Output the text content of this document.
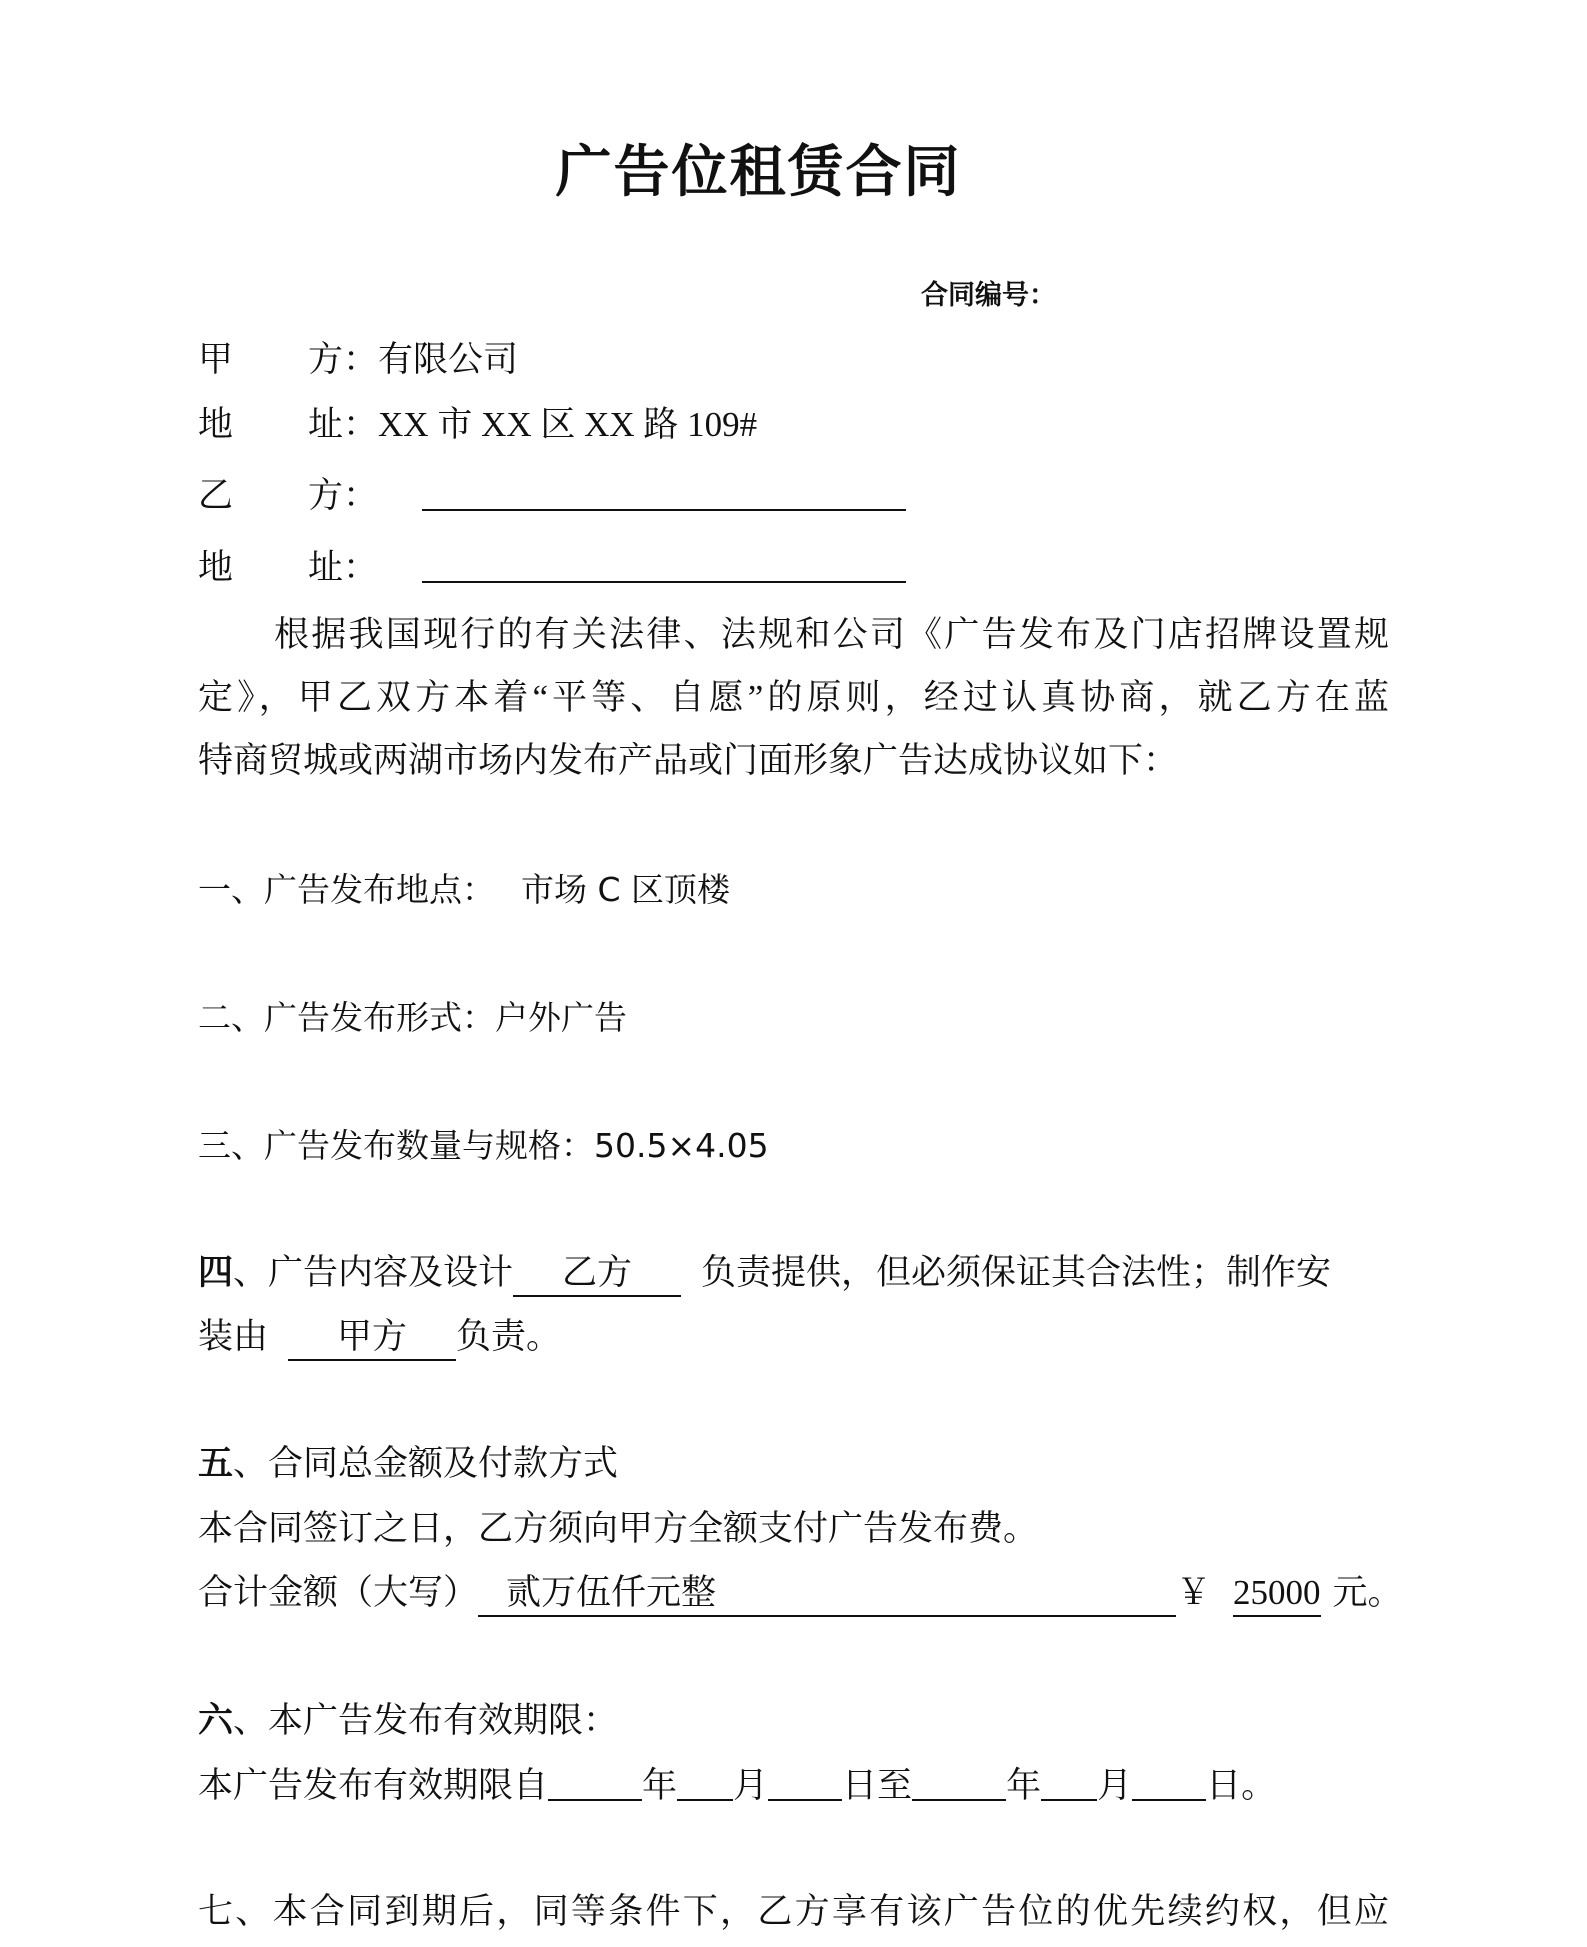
广告位租赁合同
合同编号：
甲 方：有限公司
地 址：XX 市 XX 区 XX 路 109#
乙 方：
地 址：
根据我国现行的有关法律、法规和公司《广告发布及门店招牌设置规
定》，甲乙双方本着“平等、自愿”的原则，经过认真协商，就乙方在蓝
特商贸城或两湖市场内发布产品或门面形象广告达成协议如下：
一、广告发布地点： 市场 C 区顶楼
二、广告发布形式：户外广告
三、广告发布数量与规格：50.5×4.05
四、广告内容及设计 乙方 负责提供，但必须保证其合法性；制作安
装由 甲方 负责。
五、合同总金额及付款方式
本合同签订之日，乙方须向甲方全额支付广告发布费。
合计金额（大写） 贰万伍仟元整	￥ 25000 元。
六、本广告发布有效期限：
本广告发布有效期限自	年 月 日至	年 月 日。
七、本合同到期后，同等条件下，乙方享有该广告位的优先续约权，但应
